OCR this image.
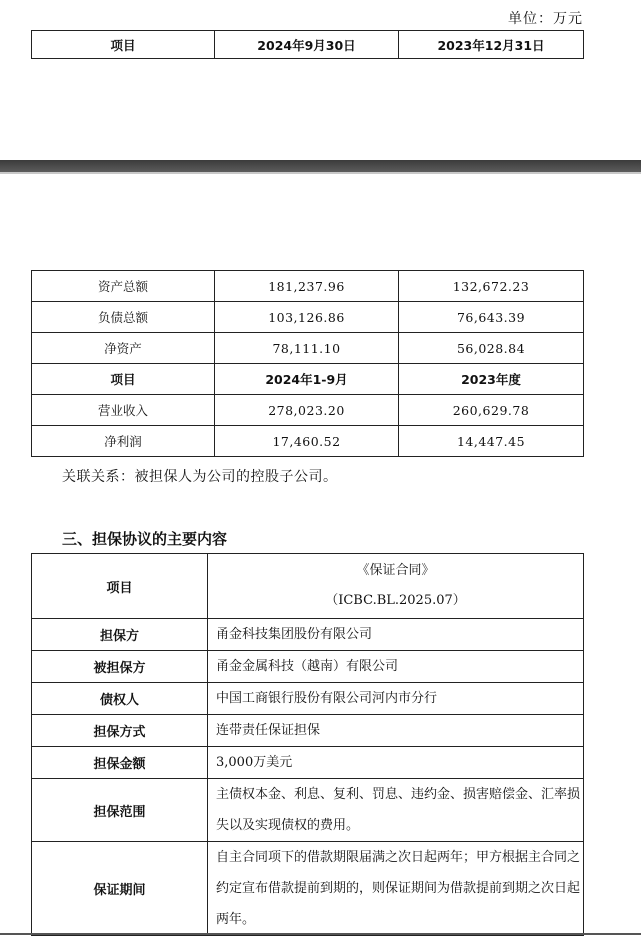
单位：万元
项目	2024年9月30日	2023年12月31日
资产总额	181,237.96	132,672.23
负债总额	103,126.86	76,643.39
净资产	78,111.10	56,028.84
项目	2024年1-9月	2023年度
营业收入	278,023.20	260,629.78
净利润	17,460.52	14,447.45
关联关系：被担保人为公司的控股子公司。
三、担保协议的主要内容
项目	《保证合同》
（ICBC.BL.2025.07）

担保方	甬金科技集团股份有限公司
被担保方	甬金金属科技（越南）有限公司
债权人	中国工商银行股份有限公司河内市分行
担保方式	连带责任保证担保
担保金额	3,000万美元
担保范围	主债权本金、利息、复利、罚息、违约金、损害赔偿金、汇率损失以及实现债权的费用。
保证期间	自主合同项下的借款期限届满之次日起两年；甲方根据主合同之约定宣布借款提前到期的，则保证期间为借款提前到期之次日起两年。
